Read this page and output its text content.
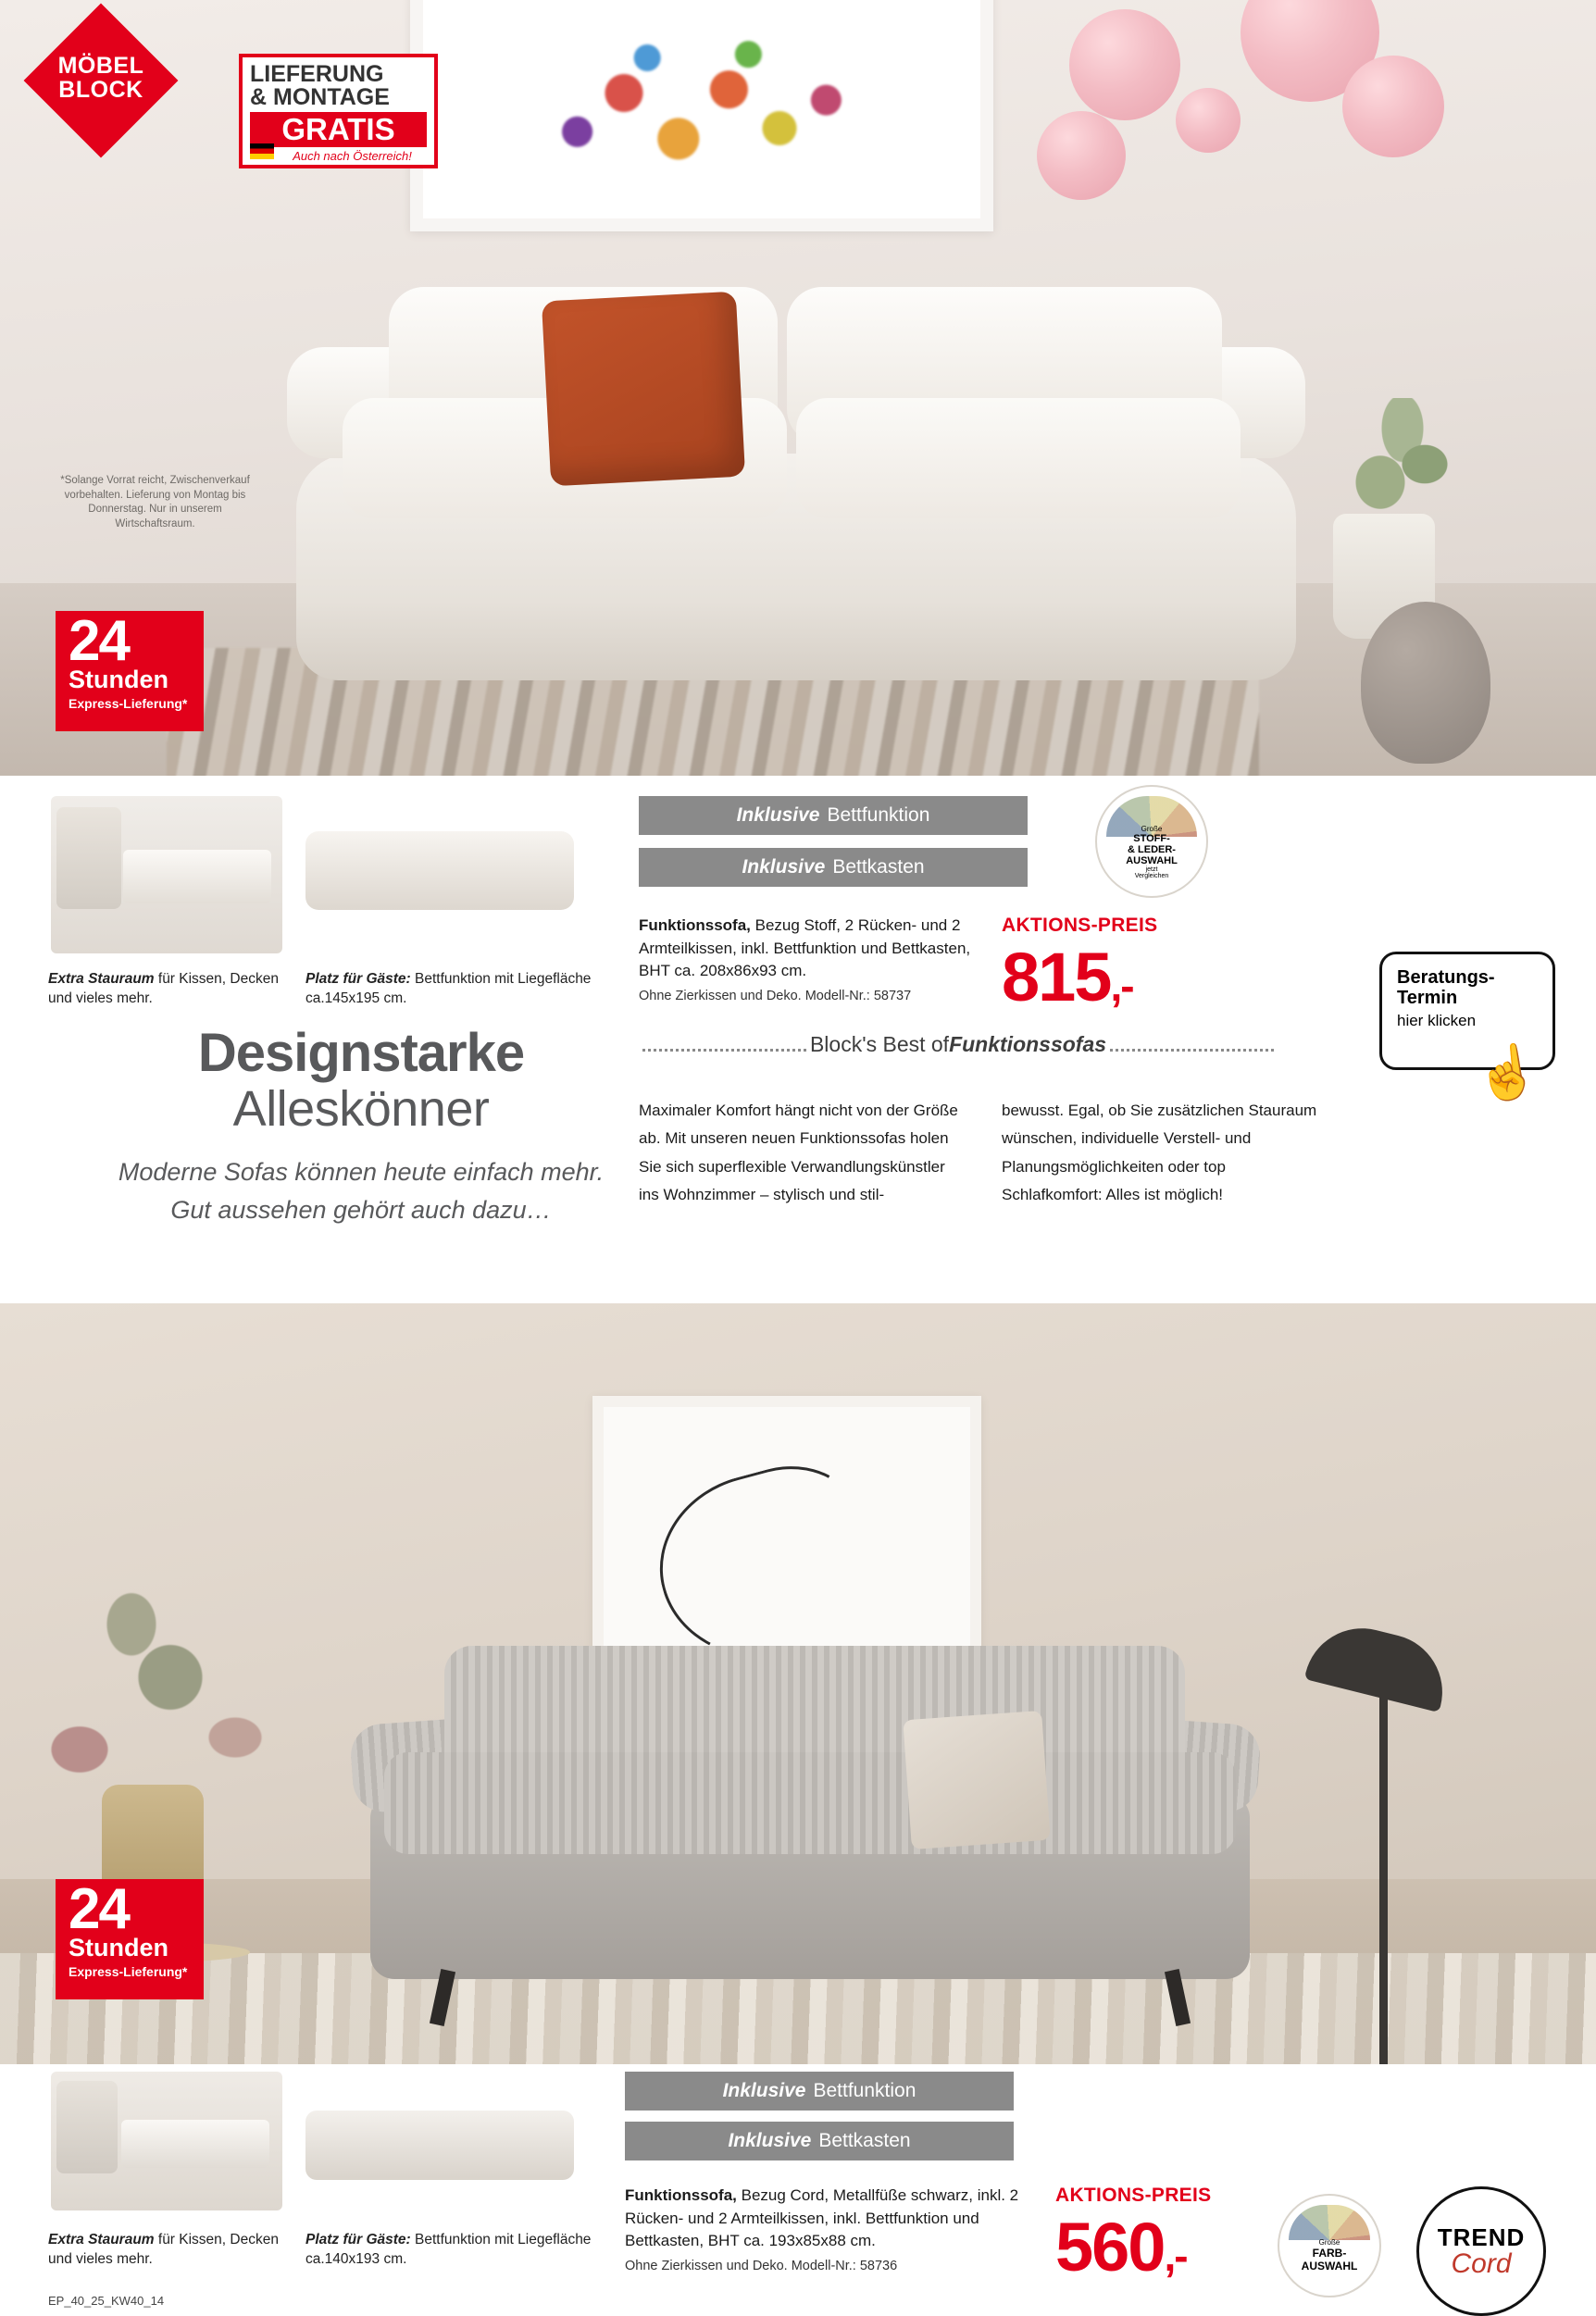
MÖBEL
BLOCK
LIEFERUNG
& MONTAGE
GRATIS
Auch nach Österreich!
*Solange Vorrat reicht, Zwischenverkauf vorbehalten. Lieferung von Montag bis Donnerstag. Nur in unserem Wirtschaftsraum.
24
Stunden
Express-Lieferung*
Extra Stauraum für Kissen, Decken und vieles mehr.
Platz für Gäste: Bettfunktion mit Liegefläche ca.145x195 cm.
Inklusive Bettfunktion
Inklusive Bettkasten
Große
STOFF-
& LEDER-
AUSWAHL
jetzt
Vergleichen
Funktionssofa, Bezug Stoff, 2 Rücken- und 2 Armteilkissen, inkl. Bettfunktion und Bettkasten, BHT ca. 208x86x93 cm.
Ohne Zierkissen und Deko. Modell-Nr.: 58737
AKTIONS-PREIS
815,-	Beratungs-
Termin
hier klicken
☝
Designstarke
Alleskönner
Moderne Sofas können heute einfach mehr.
Gut aussehen gehört auch dazu…
Block's Best of Funktionssofas
Maximaler Komfort hängt nicht von der Größe ab. Mit unseren neuen Funktionssofas holen Sie sich superflexible Verwandlungskünstler ins Wohnzimmer – stylisch und stil-
bewusst. Egal, ob Sie zusätzlichen Stauraum wünschen, individuelle Verstell- und Planungsmöglichkeiten oder top Schlafkomfort: Alles ist möglich!
24
Stunden
Express-Lieferung*
Extra Stauraum für Kissen, Decken und vieles mehr.
Platz für Gäste: Bettfunktion mit Liegefläche ca.140x193 cm.
Inklusive Bettfunktion
Inklusive Bettkasten
Funktionssofa, Bezug Cord, Metallfüße schwarz, inkl. 2 Rücken- und 2 Armteilkissen, inkl. Bettfunktion und Bettkasten, BHT ca. 193x85x88 cm.
Ohne Zierkissen und Deko. Modell-Nr.: 58736
AKTIONS-PREIS
560,-	Große
FARB-
AUSWAHL
TREND
Cord
EP_40_25_KW40_14
